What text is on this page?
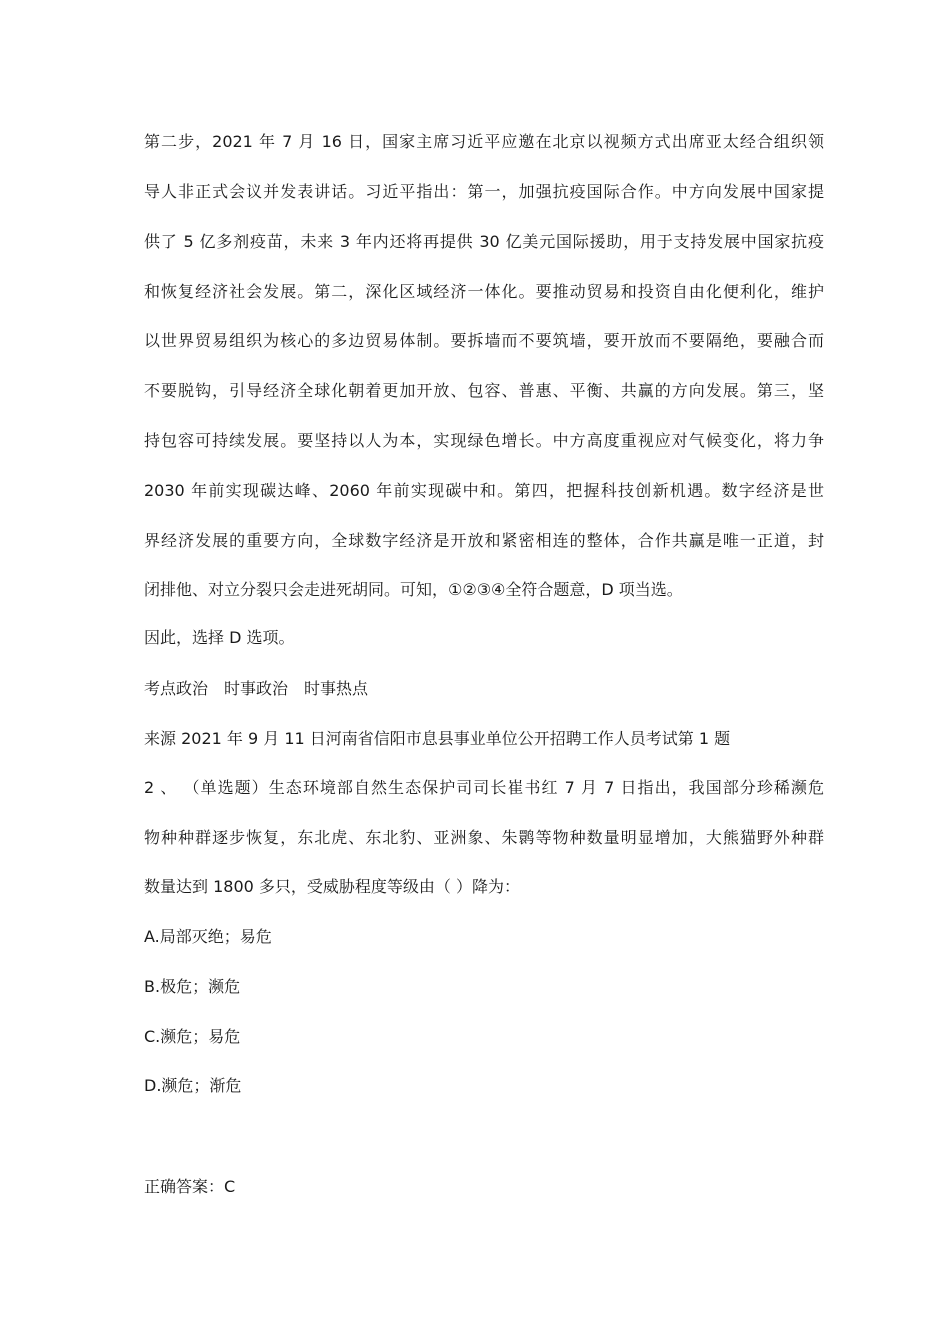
第二步，2021 年 7 月 16 日，国家主席习近平应邀在北京以视频方式出席亚太经合组织领
导人非正式会议并发表讲话。习近平指出：第一，加强抗疫国际合作。中方向发展中国家提
供了 5 亿多剂疫苗，未来 3 年内还将再提供 30 亿美元国际援助，用于支持发展中国家抗疫
和恢复经济社会发展。第二，深化区域经济一体化。要推动贸易和投资自由化便利化，维护
以世界贸易组织为核心的多边贸易体制。要拆墙而不要筑墙，要开放而不要隔绝，要融合而
不要脱钩，引导经济全球化朝着更加开放、包容、普惠、平衡、共赢的方向发展。第三，坚
持包容可持续发展。要坚持以人为本，实现绿色增长。中方高度重视应对气候变化，将力争
2030 年前实现碳达峰、2060 年前实现碳中和。第四，把握科技创新机遇。数字经济是世
界经济发展的重要方向，全球数字经济是开放和紧密相连的整体，合作共赢是唯一正道，封
闭排他、对立分裂只会走进死胡同。可知，①②③④全符合题意，D 项当选。
因此，选择 D 选项。
考点政治 时事政治 时事热点
来源 2021 年 9 月 11 日河南省信阳市息县事业单位公开招聘工作人员考试第 1 题
2 、 （单选题）生态环境部自然生态保护司司长崔书红 7 月 7 日指出，我国部分珍稀濒危
物种种群逐步恢复，东北虎、东北豹、亚洲象、朱鹮等物种数量明显增加，大熊猫野外种群
数量达到 1800 多只，受威胁程度等级由（ ）降为：
A.局部灭绝；易危
B.极危；濒危
C.濒危；易危
D.濒危；渐危
正确答案：C
